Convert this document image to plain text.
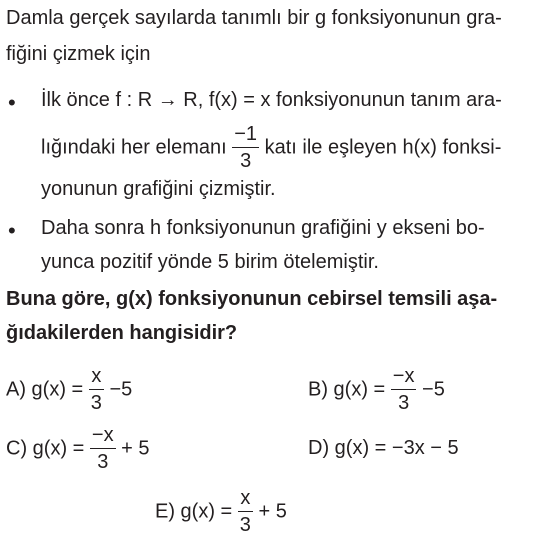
Damla gerçek sayılarda tanımlı bir g fonksiyonunun gra-
fiğini çizmek için
• İlk önce f : R → R, f(x) = x fonksiyonunun tanım ara-
lığındaki her elemanı $\frac{-1}{3}$ katı ile eşleyen h(x) fonksi-
yonunun grafiğini çizmiştir.
• Daha sonra h fonksiyonunun grafiğini y ekseni bo-
yunca pozitif yönde 5 birim ötelemiştir.
Buna göre, g(x) fonksiyonunun cebirsel temsili aşa-
ğıdakilerden hangisidir?
A) $g(x) = \frac{x}{3} -5$	B) $g(x) = \frac{-x}{3} -5$
C) $g(x) = \frac{-x}{3} + 5$	D) g(x) = −3x − 5
E) $g(x) = \frac{x}{3} + 5$
